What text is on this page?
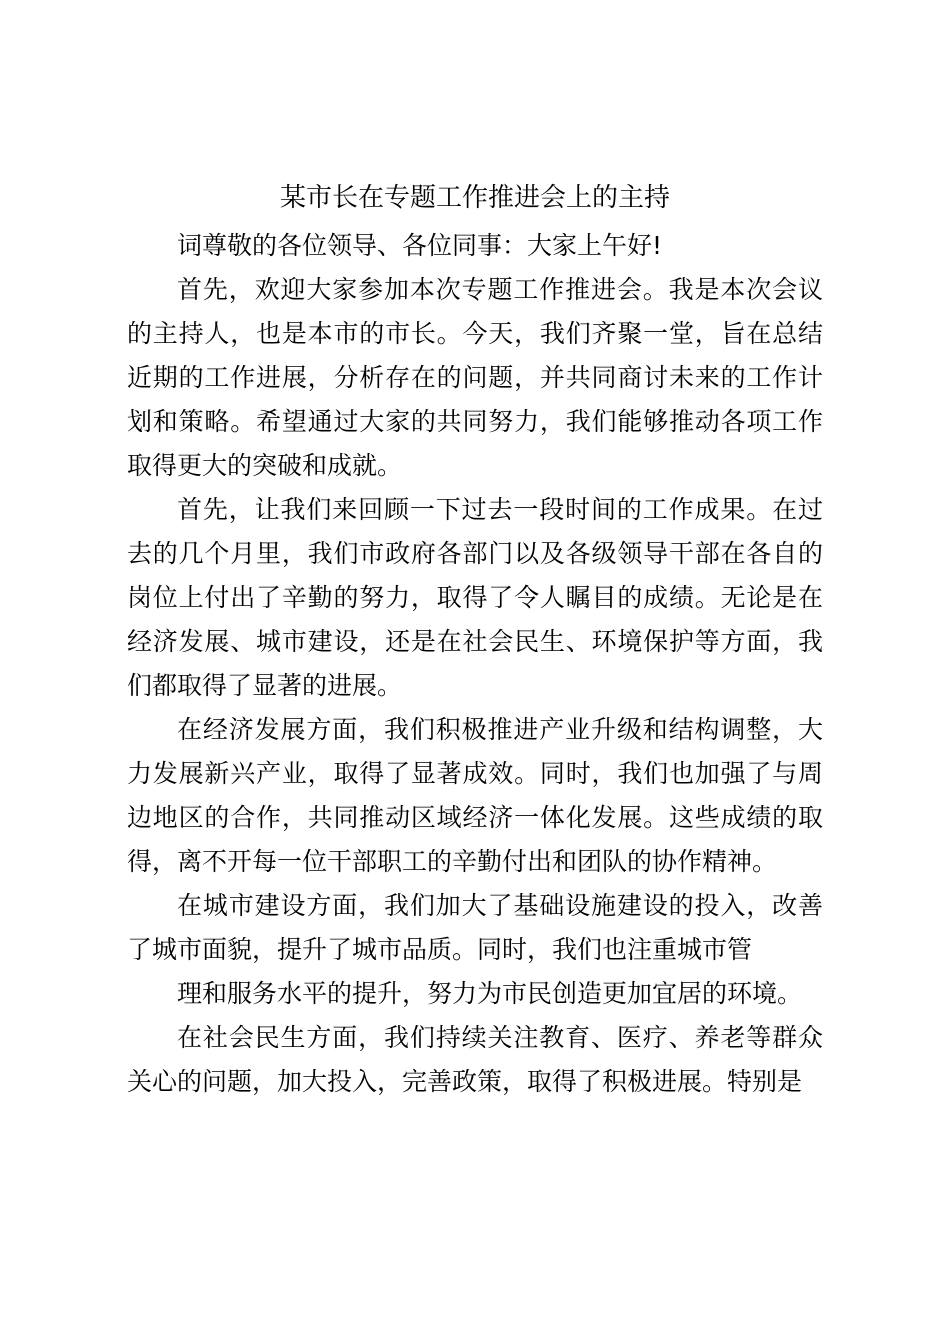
某市长在专题工作推进会上的主持

词尊敬的各位领导、各位同事：大家上午好!

首先，欢迎大家参加本次专题工作推进会。我是本次会议的主持人，也是本市的市长。今天，我们齐聚一堂，旨在总结近期的工作进展，分析存在的问题，并共同商讨未来的工作计划和策略。希望通过大家的共同努力，我们能够推动各项工作取得更大的突破和成就。

首先，让我们来回顾一下过去一段时间的工作成果。在过去的几个月里，我们市政府各部门以及各级领导干部在各自的岗位上付出了辛勤的努力，取得了令人瞩目的成绩。无论是在经济发展、城市建设，还是在社会民生、环境保护等方面，我们都取得了显著的进展。

在经济发展方面，我们积极推进产业升级和结构调整，大力发展新兴产业，取得了显著成效。同时，我们也加强了与周边地区的合作，共同推动区域经济一体化发展。这些成绩的取得，离不开每一位干部职工的辛勤付出和团队的协作精神。

在城市建设方面，我们加大了基础设施建设的投入，改善了城市面貌，提升了城市品质。同时，我们也注重城市管

理和服务水平的提升，努力为市民创造更加宜居的环境。

在社会民生方面，我们持续关注教育、医疗、养老等群众关心的问题，加大投入，完善政策，取得了积极进展。特别是
